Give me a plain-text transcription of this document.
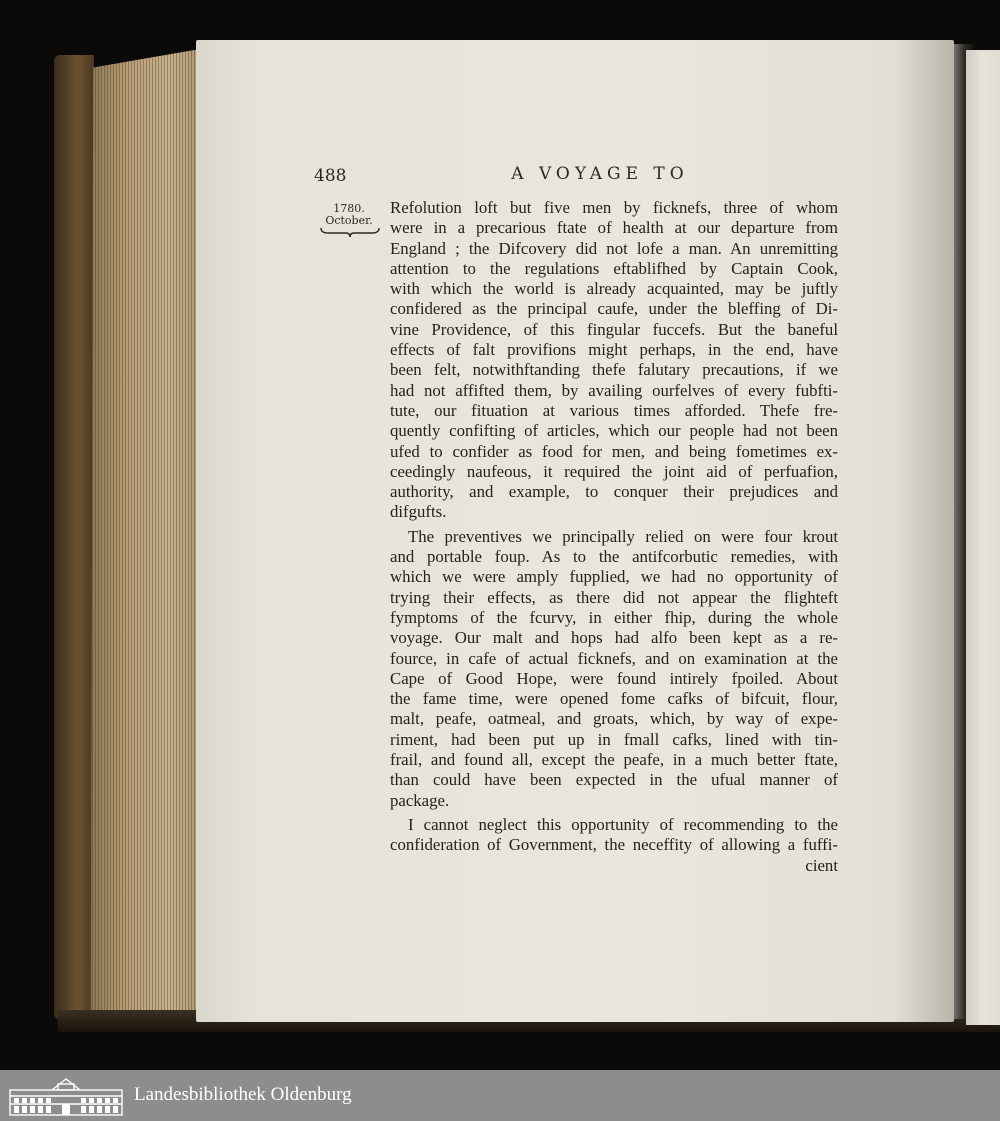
488	A VOYAGE TO
1780.
October.
Refolution loft but five men by ficknefs, three of whom
were in a precarious ftate of health at our departure from
England ; the Difcovery did not lofe a man. An unremitting
attention to the regulations eftablifhed by Captain Cook,
with which the world is already acquainted, may be juftly
confidered as the principal caufe, under the bleffing of Di-
vine Providence, of this fingular fuccefs. But the baneful
effects of falt provifions might perhaps, in the end, have
been felt, notwithftanding thefe falutary precautions, if we
had not affifted them, by availing ourfelves of every fubfti-
tute, our fituation at various times afforded. Thefe fre-
quently confifting of articles, which our people had not been
ufed to confider as food for men, and being fometimes ex-
ceedingly naufeous, it required the joint aid of perfuafion,
authority, and example, to conquer their prejudices and
difgufts.
The preventives we principally relied on were four krout
and portable foup. As to the antifcorbutic remedies, with
which we were amply fupplied, we had no opportunity of
trying their effects, as there did not appear the flighteft
fymptoms of the fcurvy, in either fhip, during the whole
voyage. Our malt and hops had alfo been kept as a re-
fource, in cafe of actual ficknefs, and on examination at the
Cape of Good Hope, were found intirely fpoiled. About
the fame time, were opened fome cafks of bifcuit, flour,
malt, peafe, oatmeal, and groats, which, by way of expe-
riment, had been put up in fmall cafks, lined with tin-
frail, and found all, except the peafe, in a much better ftate,
than could have been expected in the ufual manner of
package.
I cannot neglect this opportunity of recommending to the
confideration of Government, the neceffity of allowing a fuffi-
cient
Landesbibliothek Oldenburg
